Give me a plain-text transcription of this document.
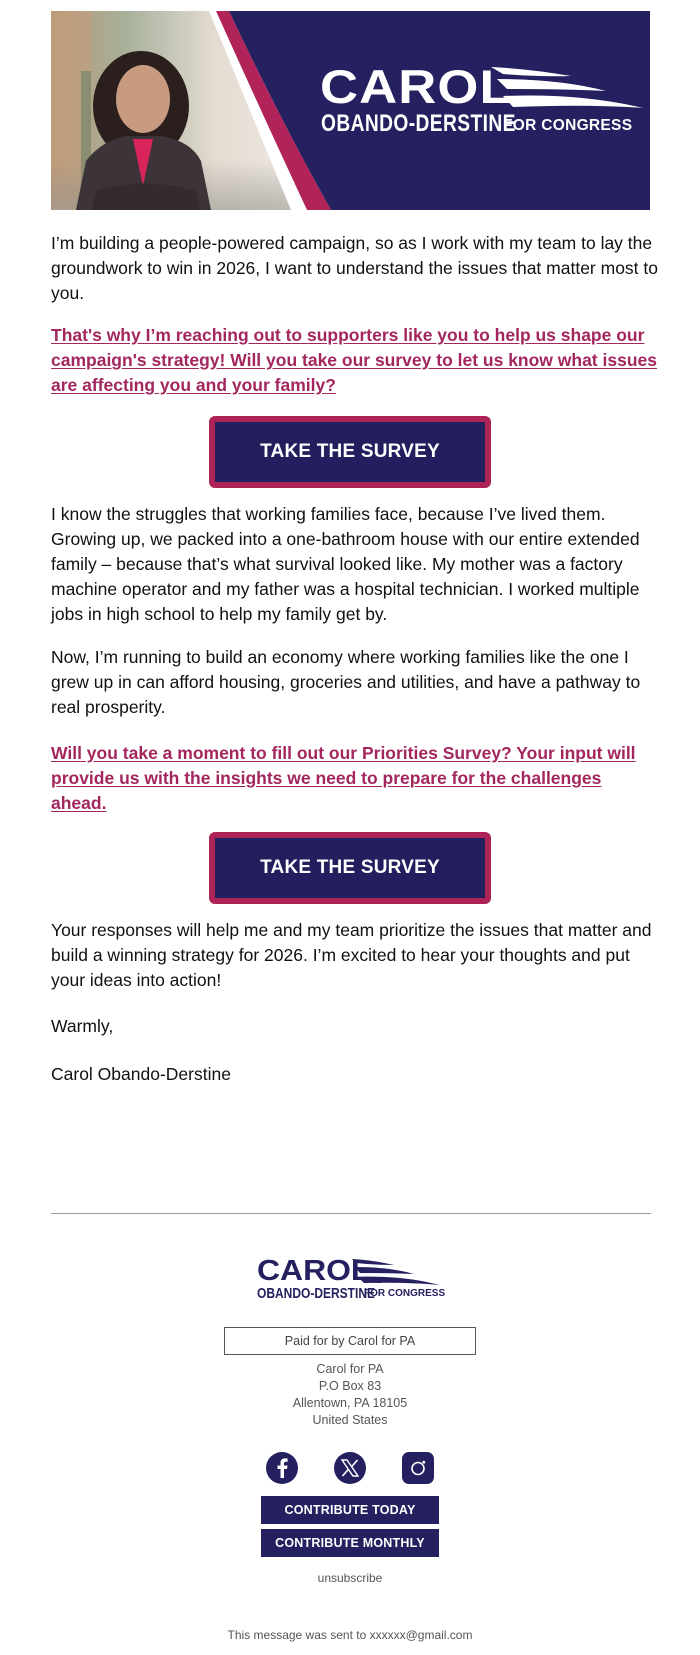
CAROL
OBANDO-DERSTINE
FOR CONGRESS

I’m building a people-powered campaign, so as I work with my team to lay the groundwork to win in 2026, I want to understand the issues that matter most to you.

That's why I’m reaching out to supporters like you to help us shape our campaign's strategy! Will you take our survey to let us know what issues are affecting you and your family?
TAKE THE SURVEY

I know the struggles that working families face, because I’ve lived them. Growing up, we packed into a one-bathroom house with our entire extended family – because that’s what survival looked like. My mother was a factory machine operator and my father was a hospital technician. I worked multiple jobs in high school to help my family get by.

Now, I’m running to build an economy where working families like the one I grew up in can afford housing, groceries and utilities, and have a pathway to real prosperity.

Will you take a moment to fill out our Priorities Survey? Your input will provide us with the insights we need to prepare for the challenges ahead.
TAKE THE SURVEY

Your responses will help me and my team prioritize the issues that matter and build a winning strategy for 2026. I’m excited to hear your thoughts and put your ideas into action!

Warmly,

Carol Obando-Derstine

CAROL
OBANDO-DERSTINE
FOR CONGRESS
Paid for by Carol for PA
Carol for PA
P.O Box 83
Allentown, PA 18105
United States
CONTRIBUTE TODAY
CONTRIBUTE MONTHLY
unsubscribe
This message was sent to xxxxxx@gmail.com
